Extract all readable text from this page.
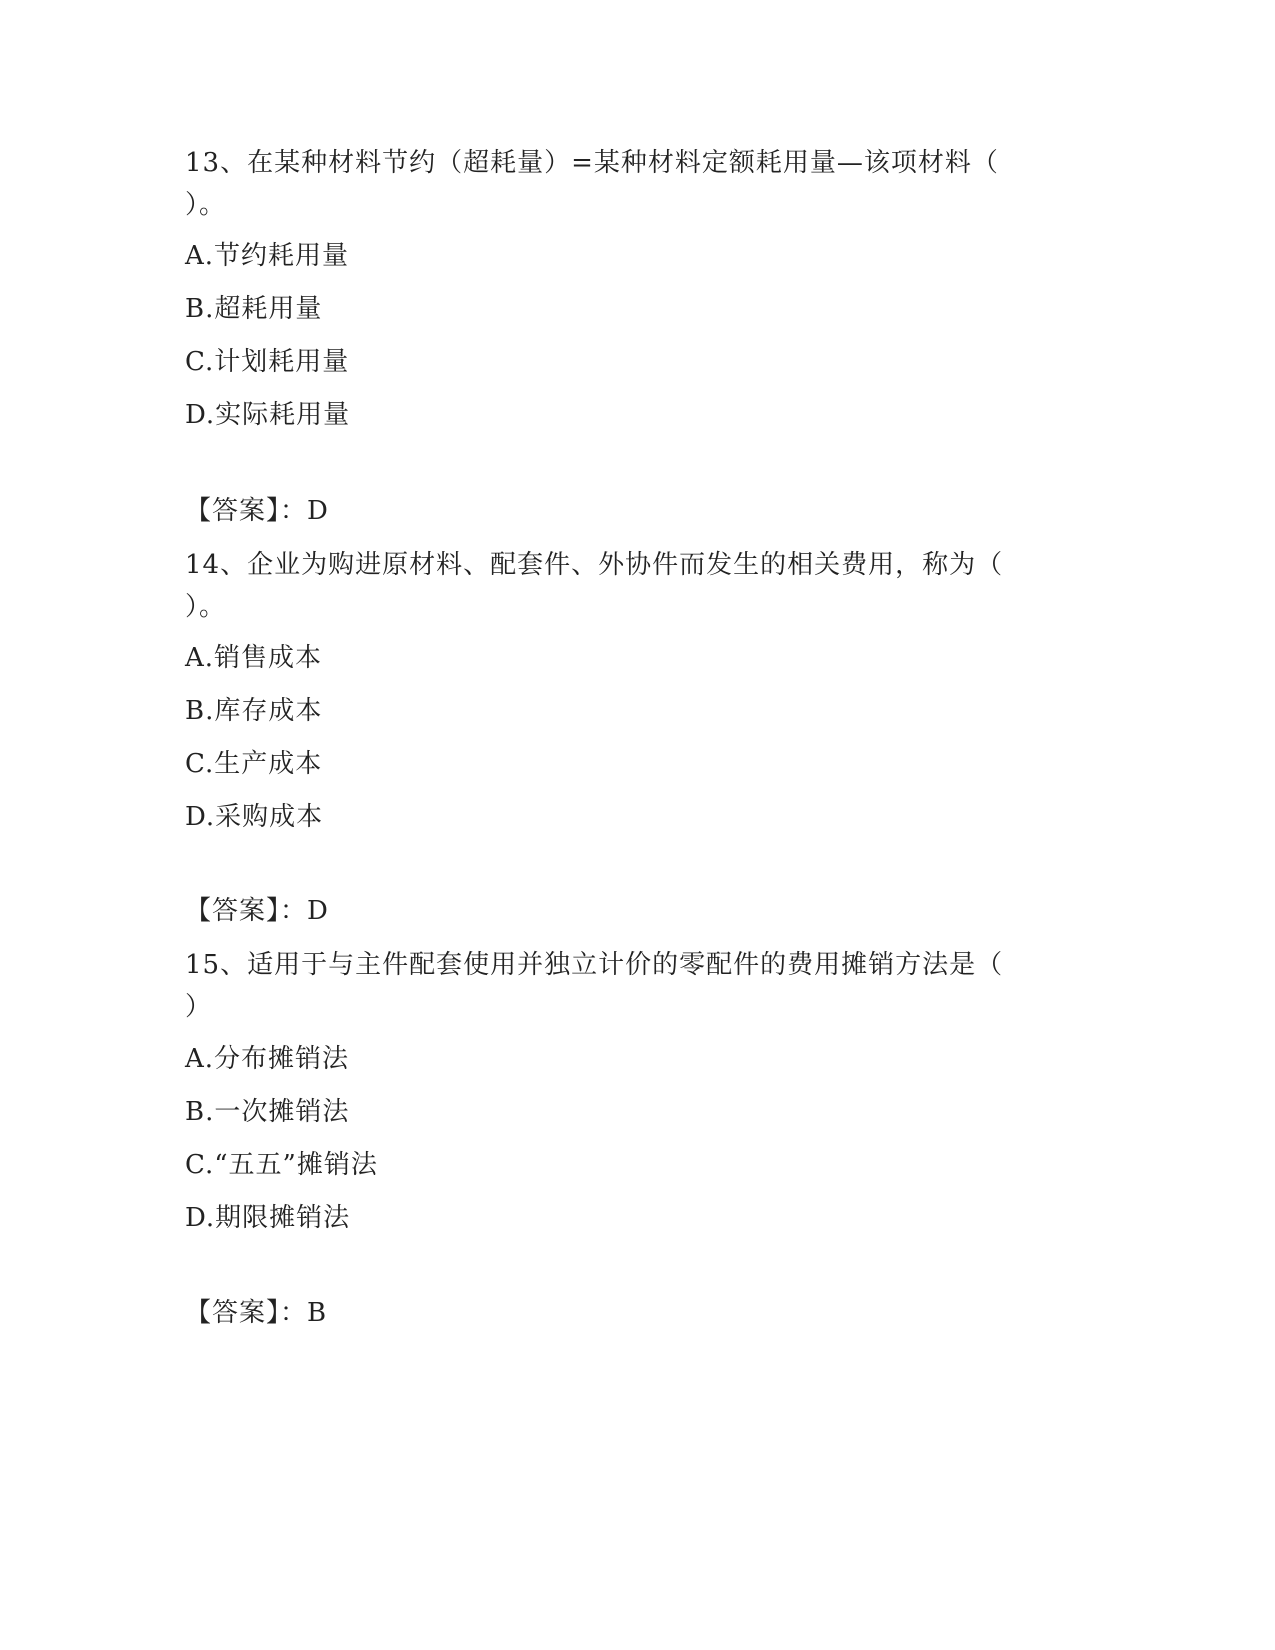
13、在某种材料节约（超耗量）=某种材料定额耗用量—该项材料（
）。

A.节约耗用量
B.超耗用量
C.计划耗用量
D.实际耗用量
【答案】：D

14、企业为购进原材料、配套件、外协件而发生的相关费用，称为（
）。

A.销售成本
B.库存成本
C.生产成本
D.采购成本
【答案】：D

15、适用于与主件配套使用并独立计价的零配件的费用摊销方法是（
）

A.分布摊销法
B.一次摊销法
C.“五五”摊销法
D.期限摊销法
【答案】：B
